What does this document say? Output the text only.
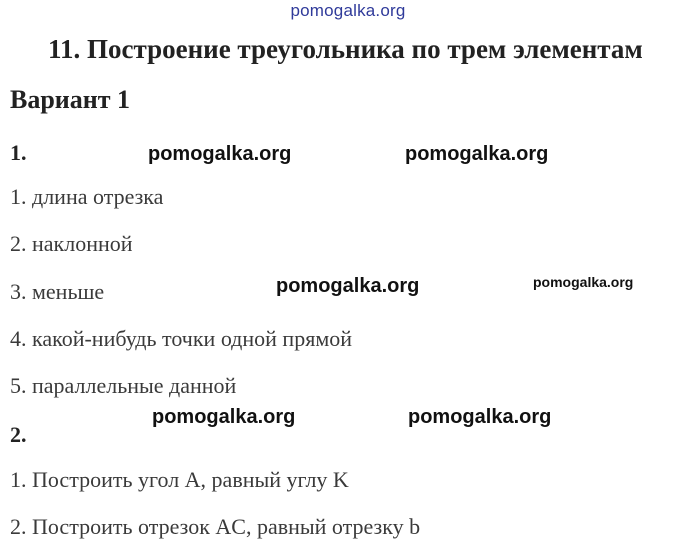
pomogalka.org
11. Построение треугольника по трем элементам
Вариант 1
1.	pomogalka.org	pomogalka.org
1. длина отрезка
2. наклонной
3. меньше	pomogalka.org	pomogalka.org
4. какой-нибудь точки одной прямой
5. параллельные данной
pomogalka.org	pomogalka.org
2.
1. Построить угол А, равный углу K
2. Построить отрезок AC, равный отрезку b
